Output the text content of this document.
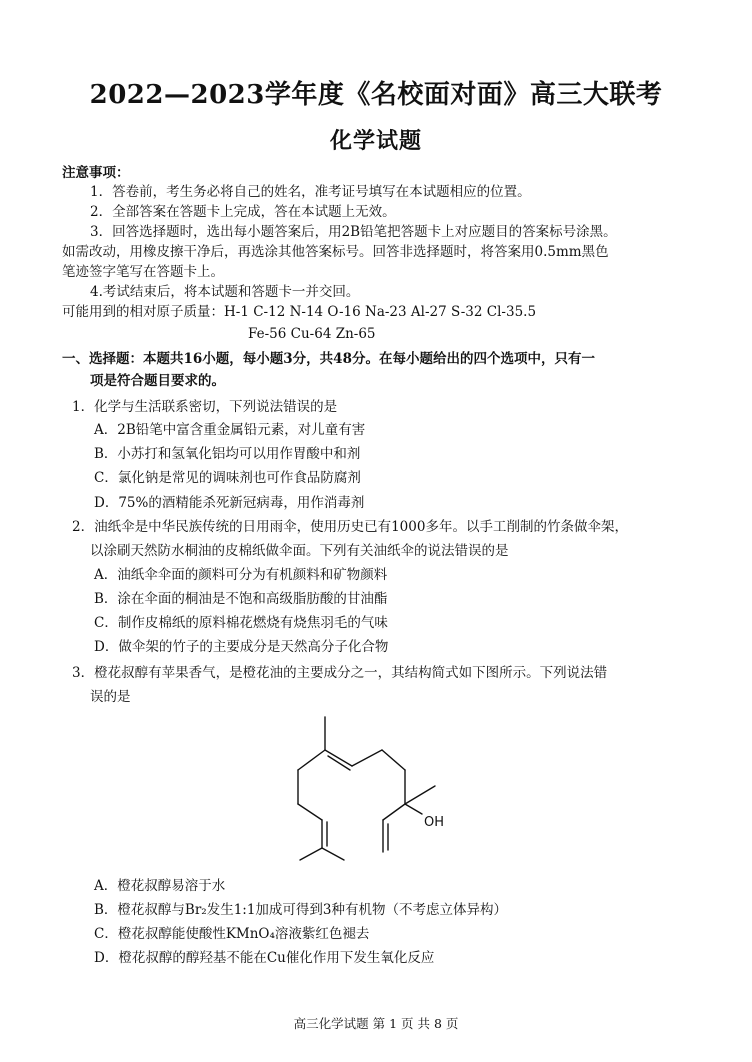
2022—2023学年度《名校面对面》高三大联考
化学试题
注意事项：
1．答卷前，考生务必将自己的姓名，准考证号填写在本试题相应的位置。
2．全部答案在答题卡上完成，答在本试题上无效。
3．回答选择题时，选出每小题答案后，用2B铅笔把答题卡上对应题目的答案标号涂黑。
如需改动，用橡皮擦干净后，再选涂其他答案标号。回答非选择题时，将答案用0.5mm黑色
笔迹签字笔写在答题卡上。
4.考试结束后，将本试题和答题卡一并交回。
可能用到的相对原子质量：H-1 C-12 N-14 O-16 Na-23 Al-27 S-32 Cl-35.5
Fe-56 Cu-64 Zn-65
一、选择题：本题共16小题，每小题3分，共48分。在每小题给出的四个选项中，只有一
项是符合题目要求的。
1．化学与生活联系密切，下列说法错误的是
A．2B铅笔中富含重金属铅元素，对儿童有害
B．小苏打和氢氧化铝均可以用作胃酸中和剂
C．氯化钠是常见的调味剂也可作食品防腐剂
D．75%的酒精能杀死新冠病毒，用作消毒剂
2．油纸伞是中华民族传统的日用雨伞，使用历史已有1000多年。以手工削制的竹条做伞架，
以涂刷天然防水桐油的皮棉纸做伞面。下列有关油纸伞的说法错误的是
A．油纸伞伞面的颜料可分为有机颜料和矿物颜料
B．涂在伞面的桐油是不饱和高级脂肪酸的甘油酯
C．制作皮棉纸的原料棉花燃烧有烧焦羽毛的气味
D．做伞架的竹子的主要成分是天然高分子化合物
3．橙花叔醇有苹果香气，是橙花油的主要成分之一，其结构简式如下图所示。下列说法错
误的是
OH
A．橙花叔醇易溶于水
B．橙花叔醇与Br₂发生1:1加成可得到3种有机物（不考虑立体异构）
C．橙花叔醇能使酸性KMnO₄溶液紫红色褪去
D．橙花叔醇的醇羟基不能在Cu催化作用下发生氧化反应
高三化学试题 第 1 页 共 8 页
